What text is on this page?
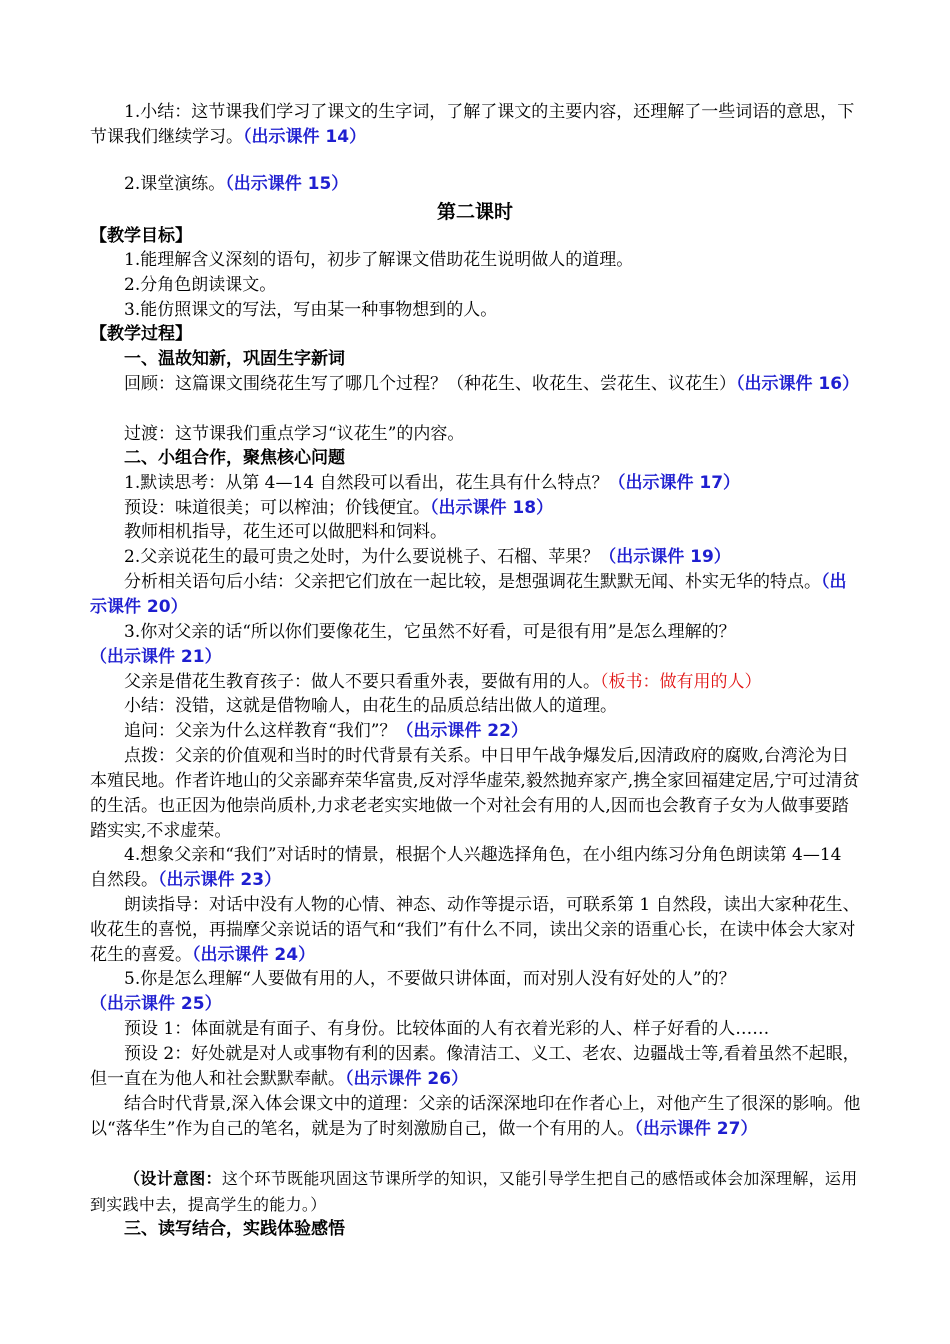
1.小结：这节课我们学习了课文的生字词，了解了课文的主要内容，还理解了一些词语的意思，下节课我们继续学习。（出示课件 14）

2.课堂演练。（出示课件 15）

第二课时

【教学目标】

1.能理解含义深刻的语句，初步了解课文借助花生说明做人的道理。

2.分角色朗读课文。

3.能仿照课文的写法，写由某一种事物想到的人。

【教学过程】

一、温故知新，巩固生字新词

回顾：这篇课文围绕花生写了哪几个过程？（种花生、收花生、尝花生、议花生）（出示课件 16）

过渡：这节课我们重点学习“议花生”的内容。

二、小组合作，聚焦核心问题

1.默读思考：从第 4—14 自然段可以看出，花生具有什么特点？（出示课件 17）

预设：味道很美；可以榨油；价钱便宜。（出示课件 18）

教师相机指导，花生还可以做肥料和饲料。

2.父亲说花生的最可贵之处时，为什么要说桃子、石榴、苹果？（出示课件 19）

分析相关语句后小结：父亲把它们放在一起比较，是想强调花生默默无闻、朴实无华的特点。（出示课件 20）

3.你对父亲的话“所以你们要像花生，它虽然不好看，可是很有用”是怎么理解的？（出示课件 21）

父亲是借花生教育孩子：做人不要只看重外表，要做有用的人。（板书：做有用的人）

小结：没错，这就是借物喻人，由花生的品质总结出做人的道理。

追问：父亲为什么这样教育“我们”？（出示课件 22）

点拨：父亲的价值观和当时的时代背景有关系。中日甲午战争爆发后,因清政府的腐败,台湾沦为日本殖民地。作者许地山的父亲鄙弃荣华富贵,反对浮华虚荣,毅然抛弃家产,携全家回福建定居,宁可过清贫的生活。也正因为他崇尚质朴,力求老老实实地做一个对社会有用的人,因而也会教育子女为人做事要踏踏实实,不求虚荣。

4.想象父亲和“我们”对话时的情景，根据个人兴趣选择角色，在小组内练习分角色朗读第 4—14 自然段。（出示课件 23）

朗读指导：对话中没有人物的心情、神态、动作等提示语，可联系第 1 自然段，读出大家种花生、收花生的喜悦，再揣摩父亲说话的语气和“我们”有什么不同，读出父亲的语重心长，在读中体会大家对花生的喜爱。（出示课件 24）

5.你是怎么理解“人要做有用的人，不要做只讲体面，而对别人没有好处的人”的？（出示课件 25）

预设 1：体面就是有面子、有身份。比较体面的人有衣着光彩的人、样子好看的人……

预设 2：好处就是对人或事物有利的因素。像清洁工、义工、老农、边疆战士等,看着虽然不起眼，但一直在为他人和社会默默奉献。（出示课件 26）

结合时代背景,深入体会课文中的道理：父亲的话深深地印在作者心上，对他产生了很深的影响。他以“落华生”作为自己的笔名，就是为了时刻激励自己，做一个有用的人。（出示课件 27）

（设计意图：这个环节既能巩固这节课所学的知识，又能引导学生把自己的感悟或体会加深理解，运用到实践中去，提高学生的能力。）

三、读写结合，实践体验感悟
